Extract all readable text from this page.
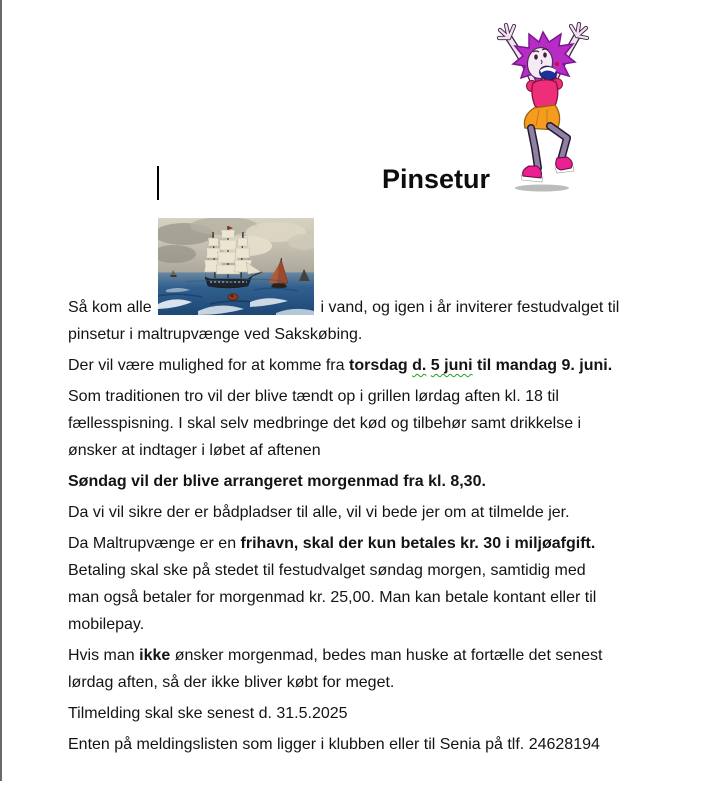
Pinsetur

Så kom alle	i vand, og igen i år inviterer festudvalget til
pinsetur i maltrupvænge ved Sakskøbing.

Der vil være mulighed for at komme fra torsdag d. 5 juni til mandag 9. juni.

Som traditionen tro vil der blive tændt op i grillen lørdag aften kl. 18 til
fællesspisning. I skal selv medbringe det kød og tilbehør samt drikkelse i
ønsker at indtager i løbet af aftenen

Søndag vil der blive arrangeret morgenmad fra kl. 8,30.

Da vi vil sikre der er bådpladser til alle, vil vi bede jer om at tilmelde jer.

Da Maltrupvænge er en frihavn, skal der kun betales kr. 30 i miljøafgift.
Betaling skal ske på stedet til festudvalget søndag morgen, samtidig med
man også betaler for morgenmad kr. 25,00. Man kan betale kontant eller til
mobilepay.

Hvis man ikke ønsker morgenmad, bedes man huske at fortælle det senest
lørdag aften, så der ikke bliver købt for meget.

Tilmelding skal ske senest d. 31.5.2025

Enten på meldingslisten som ligger i klubben eller til Senia på tlf. 24628194
